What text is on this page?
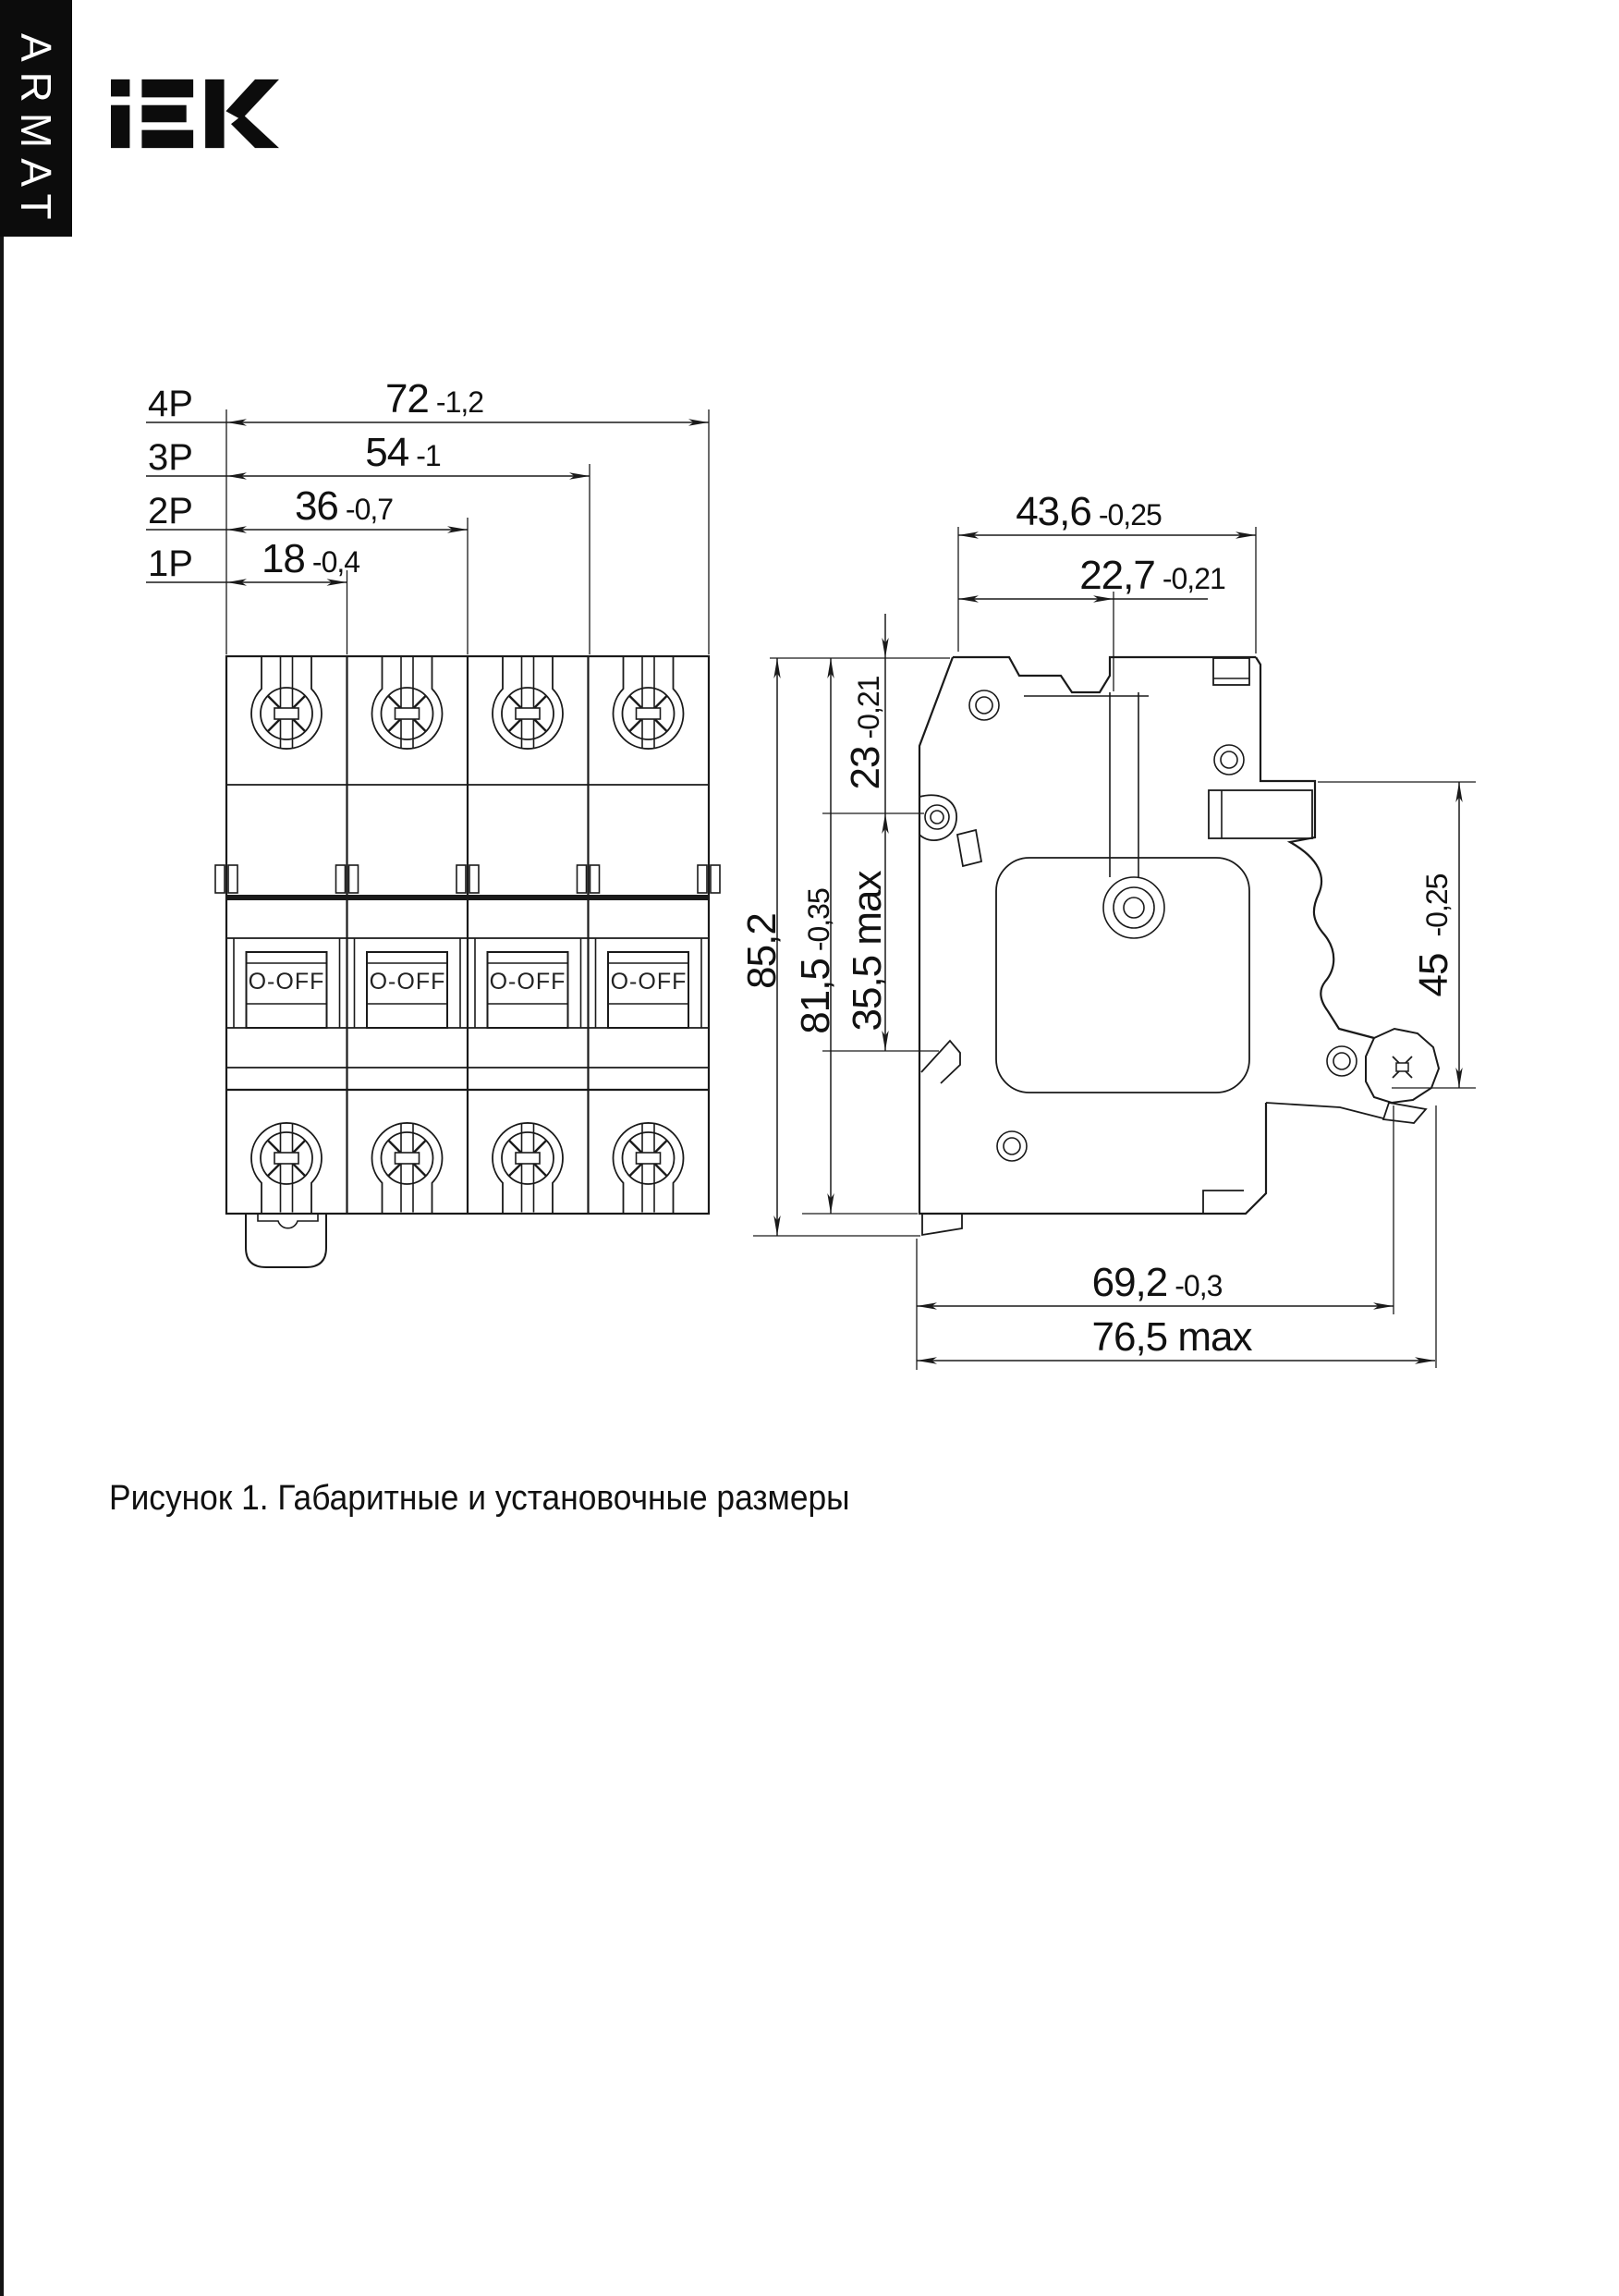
ARMAT
4P
3P
2P
1P
72 -1,2
54 -1
36 -0,7
18 -0,4
43,6 -0,25
22,7 -0,21
69,2 -0,3
76,5 max
85,2
81,5
-0,35 35,5 max
23
-0,21
45
-0,25
O-OFF	O-OFF	O-OFF	O-OFF
Рисунок 1. Габаритные и установочные размеры
